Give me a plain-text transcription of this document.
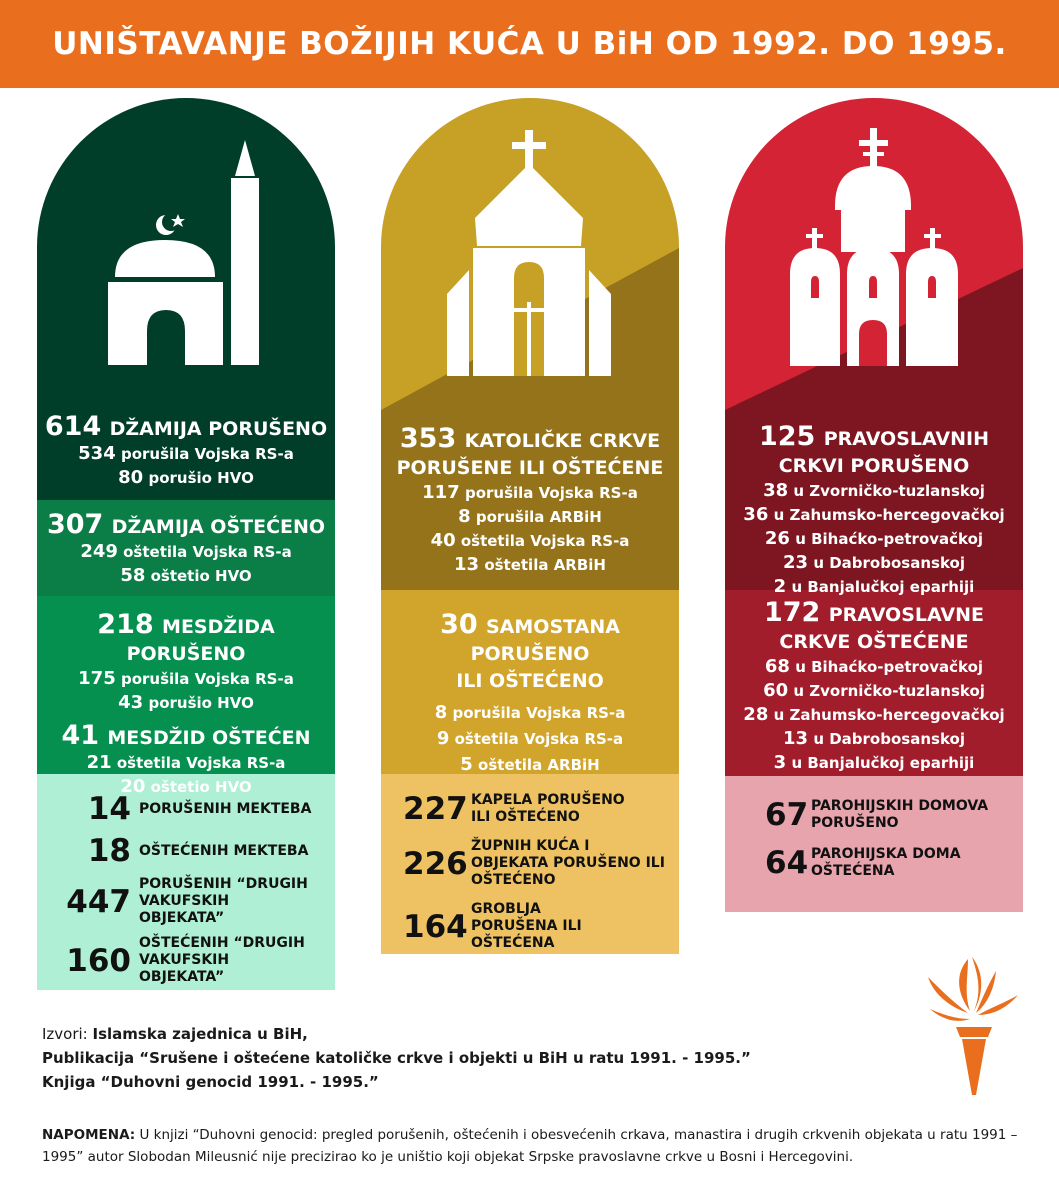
UNIŠTAVANJE BOŽIJIH KUĆA U BiH OD 1992. DO 1995.
614 DŽAMIJA PORUŠENO
534 porušila Vojska RS-a
80 porušio HVO
307 DŽAMIJA OŠTEĆENO
249 oštetila Vojska RS-a
58 oštetio HVO
218 MESDŽIDA PORUŠENO
175 porušila Vojska RS-a
43 porušio HVO
41 MESDŽID OŠTEĆEN
21 oštetila Vojska RS-a
20 oštetio HVO
14 PORUŠENIH MEKTEBA
18 OŠTEĆENIH MEKTEBA
447 PORUŠENIH “DRUGIH VAKUFSKIH OBJEKATA”
160 OŠTEĆENIH “DRUGIH VAKUFSKIH OBJEKATA”
353 KATOLIČKE CRKVE
PORUŠENE ILI OŠTEĆENE
117 porušila Vojska RS-a
8 porušila ARBiH
40 oštetila Vojska RS-a
13 oštetila ARBiH
30 SAMOSTANA PORUŠENO
ILI OŠTEĆENO
8 porušila Vojska RS-a
9 oštetila Vojska RS-a
5 oštetila ARBiH
227 KAPELA PORUŠENO ILI OŠTEĆENO
226 ŽUPNIH KUĆA I OBJEKATA PORUŠENO ILI OŠTEĆENO
164 GROBLJA PORUŠENA ILI OŠTEĆENA
125 PRAVOSLAVNIH
CRKVI PORUŠENO
38 u Zvorničko-tuzlanskoj
36 u Zahumsko-hercegovačkoj
26 u Bihaćko-petrovačkoj
23 u Dabrobosanskoj
2 u Banjalučkoj eparhiji
172 PRAVOSLAVNE
CRKVE OŠTEĆENE
68 u Bihaćko-petrovačkoj
60 u Zvorničko-tuzlanskoj
28 u Zahumsko-hercegovačkoj
13 u Dabrobosanskoj
3 u Banjalučkoj eparhiji
67 PAROHIJSKIH DOMOVA PORUŠENO
64 PAROHIJSKA DOMA OŠTEĆENA
Izvori: Islamska zajednica u BiH,
Publikacija “Srušene i oštećene katoličke crkve i objekti u BiH u ratu 1991. - 1995.”
Knjiga “Duhovni genocid 1991. - 1995.”
NAPOMENA: U knjizi “Duhovni genocid: pregled porušenih, oštećenih i obesvećenih crkava, manastira i drugih crkvenih objekata u ratu 1991 – 1995” autor Slobodan Mileusnić nije precizirao ko je uništio koji objekat Srpske pravoslavne crkve u Bosni i Hercegovini.
